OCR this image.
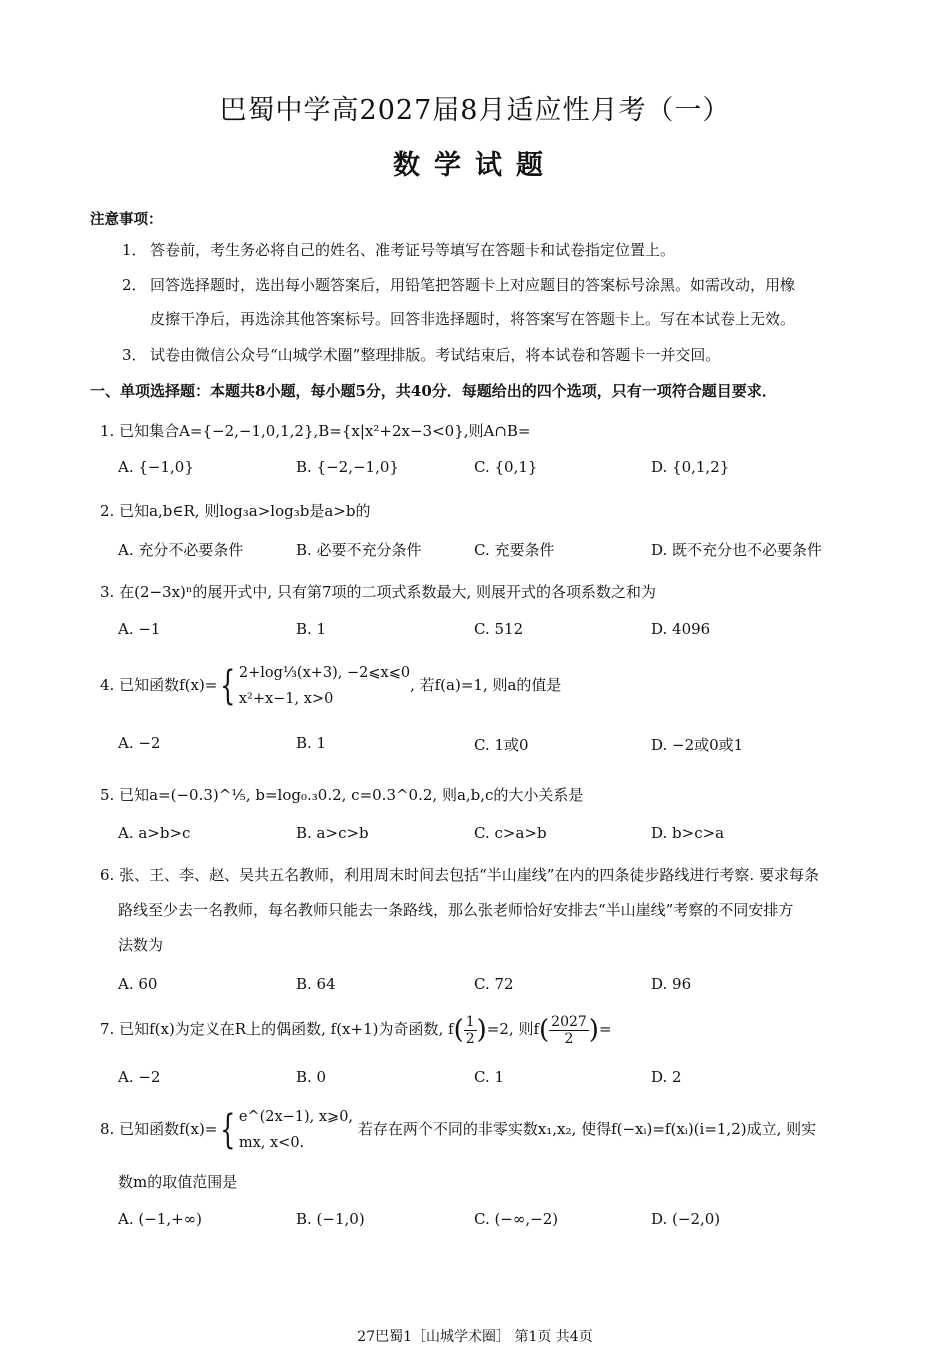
巴蜀中学高2027届8月适应性月考（一）
数学试题
注意事项：
1． 答卷前，考生务必将自己的姓名、准考证号等填写在答题卡和试卷指定位置上。
2． 回答选择题时，选出每小题答案后，用铅笔把答题卡上对应题目的答案标号涂黑。如需改动，用橡
皮擦干净后，再选涂其他答案标号。回答非选择题时，将答案写在答题卡上。写在本试卷上无效。
3． 试卷由微信公众号“山城学术圈”整理排版。考试结束后，将本试卷和答题卡一并交回。
一、单项选择题：本题共8小题，每小题5分，共40分．每题给出的四个选项，只有一项符合题目要求．
1. 已知集合A={−2,−1,0,1,2},B={x|x²+2x−3<0},则A∩B=
A. {−1,0}	B. {−2,−1,0}	C. {0,1}	D. {0,1,2}
2. 已知a,b∈R, 则log₃a>log₃b是a>b的
A. 充分不必要条件	B. 必要不充分条件	C. 充要条件	D. 既不充分也不必要条件
3. 在(2−3x)ⁿ的展开式中, 只有第7项的二项式系数最大, 则展开式的各项系数之和为
A. −1	B. 1	C. 512	D. 4096
4. 已知函数f(x)={ 2+log⅓(x+3), −2⩽x⩽0
x²+x−1, x>0, 若f(a)=1, 则a的值是
A. −2	B. 1	C. 1或0	D. −2或0或1
5. 已知a=(−0.3)^⅕, b=log₀.₃0.2, c=0.3^0.2, 则a,b,c的大小关系是
A. a>b>c	B. a>c>b	C. c>a>b	D. b>c>a
6. 张、王、李、赵、吴共五名教师，利用周末时间去包括“半山崖线”在内的四条徒步路线进行考察. 要求每条
路线至少去一名教师，每名教师只能去一条路线，那么张老师恰好安排去“半山崖线”考察的不同安排方
法数为
A. 60	B. 64	C. 72	D. 96
7. 已知f(x)为定义在R上的偶函数, f(x+1)为奇函数, $f( \frac{1}{2} )=2$, 则$f( \frac{2027}{2}$ )=
A. −2	B. 0	C. 1	D. 2
8. 已知函数f(x)={ e^(2x−1), x⩾0,
mx, x<0. 若存在两个不同的非零实数x₁,x₂, 使得f(−xᵢ)=f(xᵢ)(i=1,2)成立, 则实
数m的取值范围是
A. (−1,+∞)	B. (−1,0)	C. (−∞,−2)	D. (−2,0)
27巴蜀1［山城学术圈］ 第1页 共4页
